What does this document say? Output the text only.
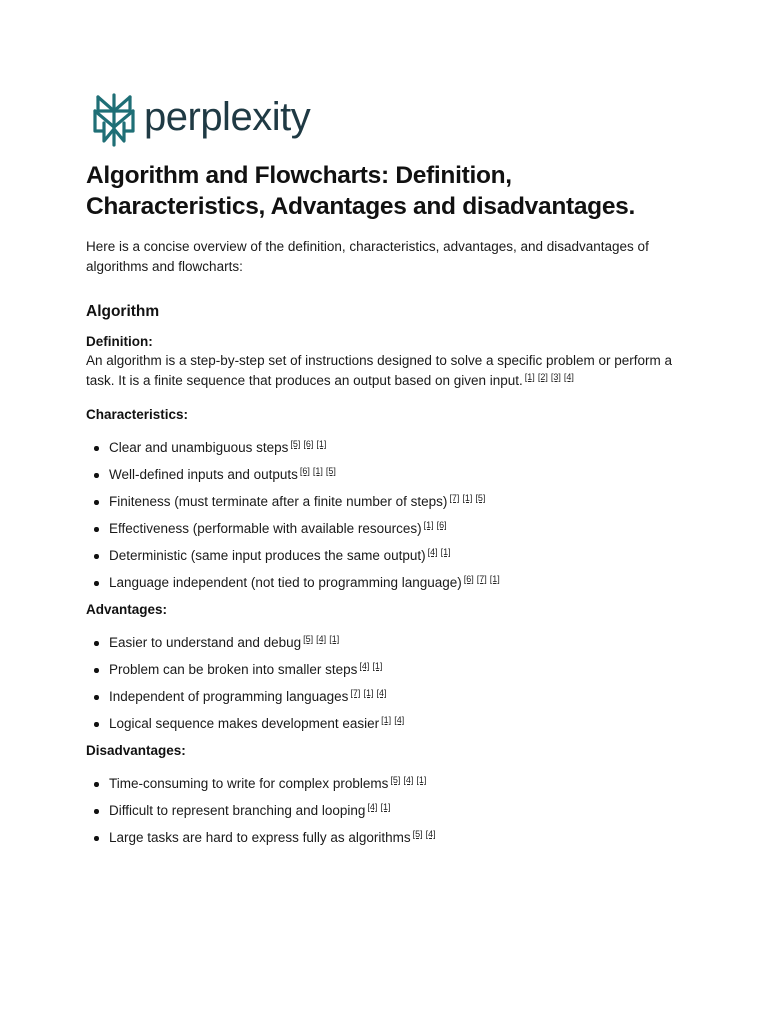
perplexity
Algorithm and Flowcharts: Definition, Characteristics, Advantages and disadvantages.

Here is a concise overview of the definition, characteristics, advantages, and disadvantages of algorithms and flowcharts:

Algorithm

Definition:

An algorithm is a step-by-step set of instructions designed to solve a specific problem or perform a task. It is a finite sequence that produces an output based on given input. [1] [2] [3] [4]

Characteristics:

Clear and unambiguous steps [5] [6] [1]
Well-defined inputs and outputs [6] [1] [5]
Finiteness (must terminate after a finite number of steps) [7] [1] [5]
Effectiveness (performable with available resources) [1] [6]
Deterministic (same input produces the same output) [4] [1]
Language independent (not tied to programming language) [6] [7] [1]

Advantages:

Easier to understand and debug [5] [4] [1]
Problem can be broken into smaller steps [4] [1]
Independent of programming languages [7] [1] [4]
Logical sequence makes development easier [1] [4]

Disadvantages:

Time-consuming to write for complex problems [5] [4] [1]
Difficult to represent branching and looping [4] [1]
Large tasks are hard to express fully as algorithms [5] [4]
